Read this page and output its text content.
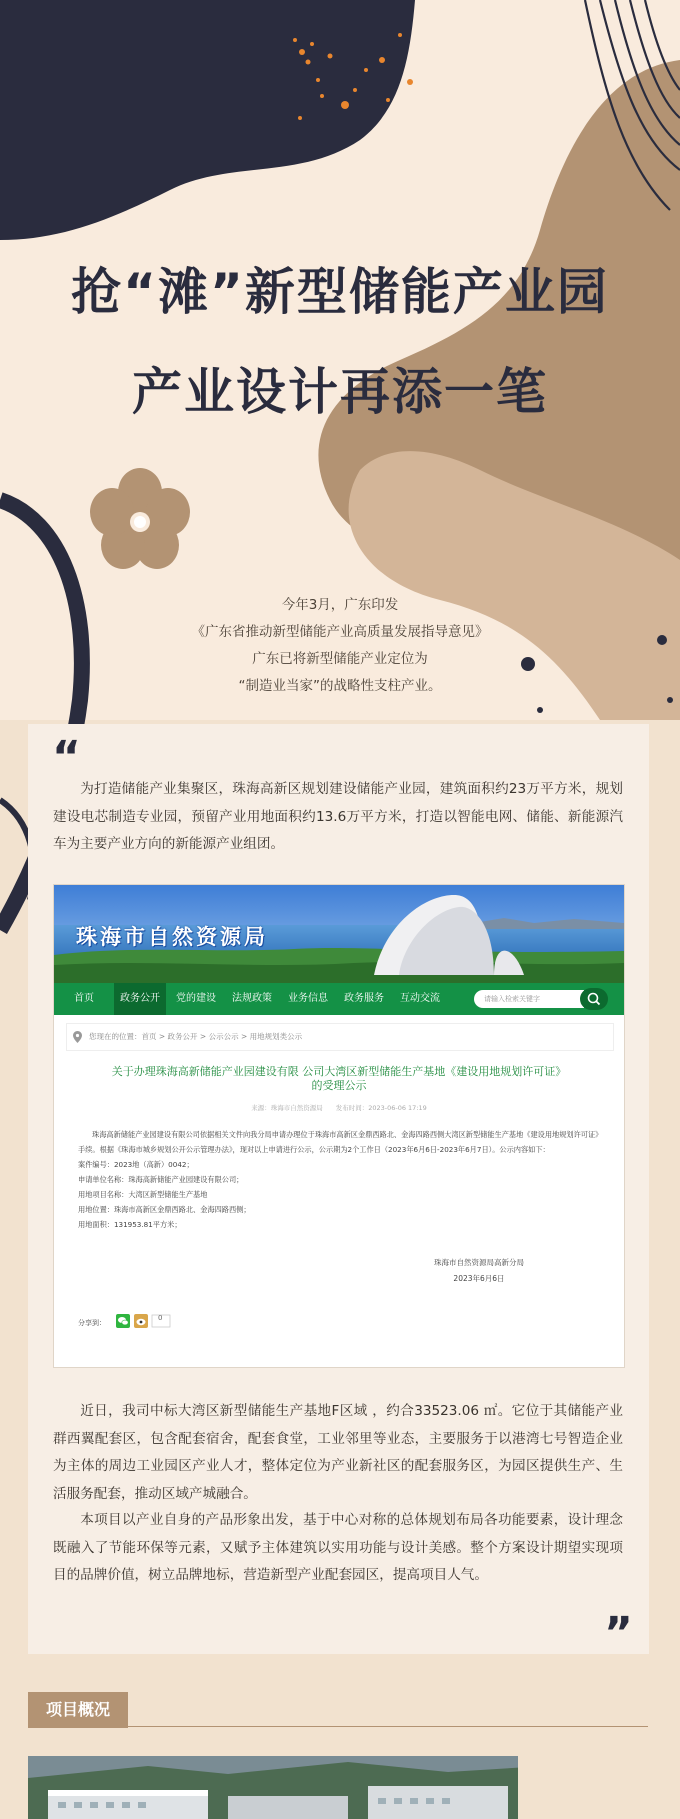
抢“滩”新型储能产业园
产业设计再添一笔
今年3月，广东印发
《广东省推动新型储能产业高质量发展指导意见》
广东已将新型储能产业定位为
“制造业当家”的战略性支柱产业。
“
为打造储能产业集聚区，珠海高新区规划建设储能产业园，建筑面积约23万平方米，规划建设电芯制造专业园，预留产业用地面积约13.6万平方米，打造以智能电网、储能、新能源汽车为主要产业方向的新能源产业组团。
珠海市自然资源局
首页	政务公开	党的建设	法规政策	业务信息	政务服务	互动交流	请输入检索关键字
您现在的位置：首页 > 政务公开 > 公示公示 > 用地规划类公示
关于办理珠海高新储能产业园建设有限 公司大湾区新型储能生产基地《建设用地规划许可证》
的受理公示
来源：珠海市自然资源局　　发布时间：2023-06-06 17:19
珠海高新储能产业园建设有限公司依据相关文件向我分局申请办理位于珠海市高新区金鼎西路北、金海四路西侧大湾区新型储能生产基地《建设用地规划许可证》手续。根据《珠海市城乡规划公开公示管理办法》，现对以上申请进行公示，公示期为2个工作日（2023年6月6日-2023年6月7日）。公示内容如下：
案件编号：2023地（高新）0042；
申请单位名称：珠海高新储能产业园建设有限公司；
用地项目名称：大湾区新型储能生产基地
用地位置：珠海市高新区金鼎西路北、金海四路西侧；
用地面积：131953.81平方米；
珠海市自然资源局高新分局
2023年6月6日
分享到：
0
近日，我司中标大湾区新型储能生产基地F区域 ，约合33523.06 ㎡。它位于其储能产业群西翼配套区，包含配套宿舍，配套食堂，工业邻里等业态，主要服务于以港湾七号智造企业为主体的周边工业园区产业人才，整体定位为产业新社区的配套服务区，为园区提供生产、生活服务配套，推动区域产城融合。
本项目以产业自身的产品形象出发，基于中心对称的总体规划布局各功能要素，设计理念既融入了节能环保等元素，又赋予主体建筑以实用功能与设计美感。整个方案设计期望实现项目的品牌价值，树立品牌地标，营造新型产业配套园区，提高项目人气。
”
项目概况
